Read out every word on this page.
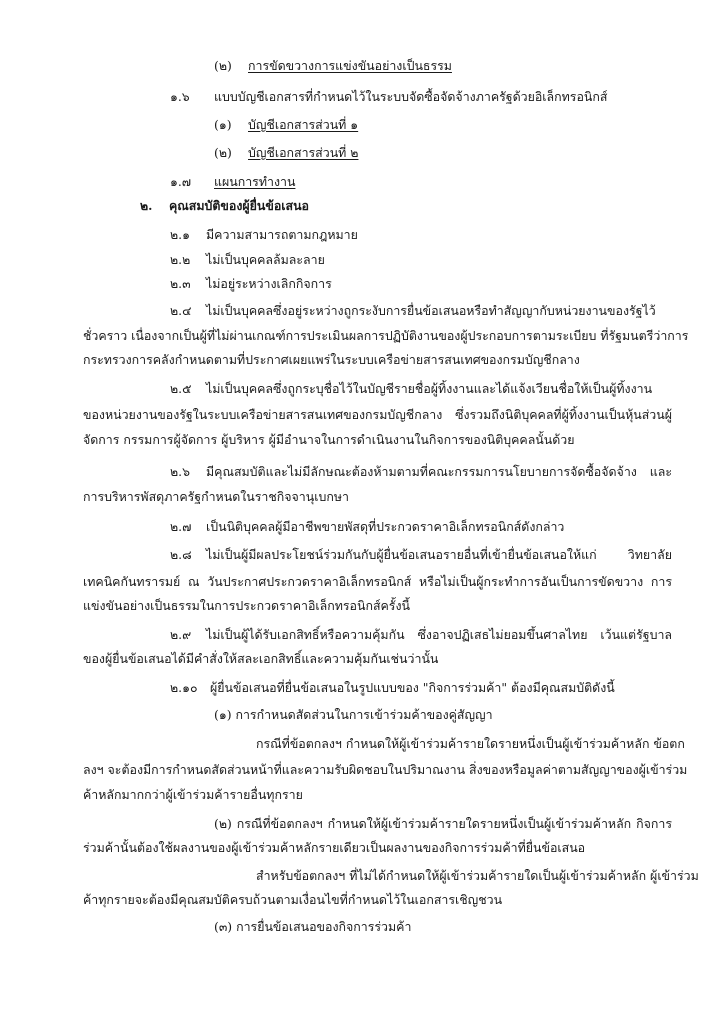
(๒) การขัดขวางการแข่งขันอย่างเป็นธรรม
๑.๖ แบบบัญชีเอกสารที่กำหนดไว้ในระบบจัดซื้อจัดจ้างภาครัฐด้วยอิเล็กทรอนิกส์
(๑) บัญชีเอกสารส่วนที่ ๑
(๒) บัญชีเอกสารส่วนที่ ๒
๑.๗ แผนการทำงาน
๒. คุณสมบัติของผู้ยื่นข้อเสนอ
๒.๑ มีความสามารถตามกฎหมาย
๒.๒ ไม่เป็นบุคคลล้มละลาย
๒.๓ ไม่อยู่ระหว่างเลิกกิจการ
๒.๔ ไม่เป็นบุคคลซึ่งอยู่ระหว่างถูกระงับการยื่นข้อเสนอหรือทำสัญญากับหน่วยงานของรัฐไว้
ชั่วคราว เนื่องจากเป็นผู้ที่ไม่ผ่านเกณฑ์การประเมินผลการปฏิบัติงานของผู้ประกอบการตามระเบียบ ที่รัฐมนตรีว่าการ
กระทรวงการคลังกำหนดตามที่ประกาศเผยแพร่ในระบบเครือข่ายสารสนเทศของกรมบัญชีกลาง
๒.๕ ไม่เป็นบุคคลซึ่งถูกระบุชื่อไว้ในบัญชีรายชื่อผู้ทิ้งงานและได้แจ้งเวียนชื่อให้เป็นผู้ทิ้งงาน
ของหน่วยงานของรัฐในระบบเครือข่ายสารสนเทศของกรมบัญชีกลาง ซึ่งรวมถึงนิติบุคคลที่ผู้ทิ้งงานเป็นหุ้นส่วนผู้
จัดการ กรรมการผู้จัดการ ผู้บริหาร ผู้มีอำนาจในการดำเนินงานในกิจการของนิติบุคคลนั้นด้วย
๒.๖ มีคุณสมบัติและไม่มีลักษณะต้องห้ามตามที่คณะกรรมการนโยบายการจัดซื้อจัดจ้าง และ
การบริหารพัสดุภาครัฐกำหนดในราชกิจจานุเบกษา
๒.๗ เป็นนิติบุคคลผู้มีอาชีพขายพัสดุที่ประกวดราคาอิเล็กทรอนิกส์ดังกล่าว
๒.๘ ไม่เป็นผู้มีผลประโยชน์ร่วมกันกับผู้ยื่นข้อเสนอรายอื่นที่เข้ายื่นข้อเสนอให้แก่ วิทยาลัย
เทคนิคกันทรารมย์ ณ วันประกาศประกวดราคาอิเล็กทรอนิกส์ หรือไม่เป็นผู้กระทำการอันเป็นการขัดขวาง การ
แข่งขันอย่างเป็นธรรมในการประกวดราคาอิเล็กทรอนิกส์ครั้งนี้
๒.๙ ไม่เป็นผู้ได้รับเอกสิทธิ์หรือความคุ้มกัน ซึ่งอาจปฏิเสธไม่ยอมขึ้นศาลไทย เว้นแต่รัฐบาล
ของผู้ยื่นข้อเสนอได้มีคำสั่งให้สละเอกสิทธิ์และความคุ้มกันเช่นว่านั้น
๒.๑๐ ผู้ยื่นข้อเสนอที่ยื่นข้อเสนอในรูปแบบของ "กิจการร่วมค้า" ต้องมีคุณสมบัติดังนี้
(๑) การกำหนดสัดส่วนในการเข้าร่วมค้าของคู่สัญญา
กรณีที่ข้อตกลงฯ กำหนดให้ผู้เข้าร่วมค้ารายใดรายหนึ่งเป็นผู้เข้าร่วมค้าหลัก ข้อตก
ลงฯ จะต้องมีการกำหนดสัดส่วนหน้าที่และความรับผิดชอบในปริมาณงาน สิ่งของหรือมูลค่าตามสัญญาของผู้เข้าร่วม
ค้าหลักมากกว่าผู้เข้าร่วมค้ารายอื่นทุกราย
(๒) กรณีที่ข้อตกลงฯ กำหนดให้ผู้เข้าร่วมค้ารายใดรายหนึ่งเป็นผู้เข้าร่วมค้าหลัก กิจการ
ร่วมค้านั้นต้องใช้ผลงานของผู้เข้าร่วมค้าหลักรายเดียวเป็นผลงานของกิจการร่วมค้าที่ยื่นข้อเสนอ
สำหรับข้อตกลงฯ ที่ไม่ได้กำหนดให้ผู้เข้าร่วมค้ารายใดเป็นผู้เข้าร่วมค้าหลัก ผู้เข้าร่วม
ค้าทุกรายจะต้องมีคุณสมบัติครบถ้วนตามเงื่อนไขที่กำหนดไว้ในเอกสารเชิญชวน
(๓) การยื่นข้อเสนอของกิจการร่วมค้า
